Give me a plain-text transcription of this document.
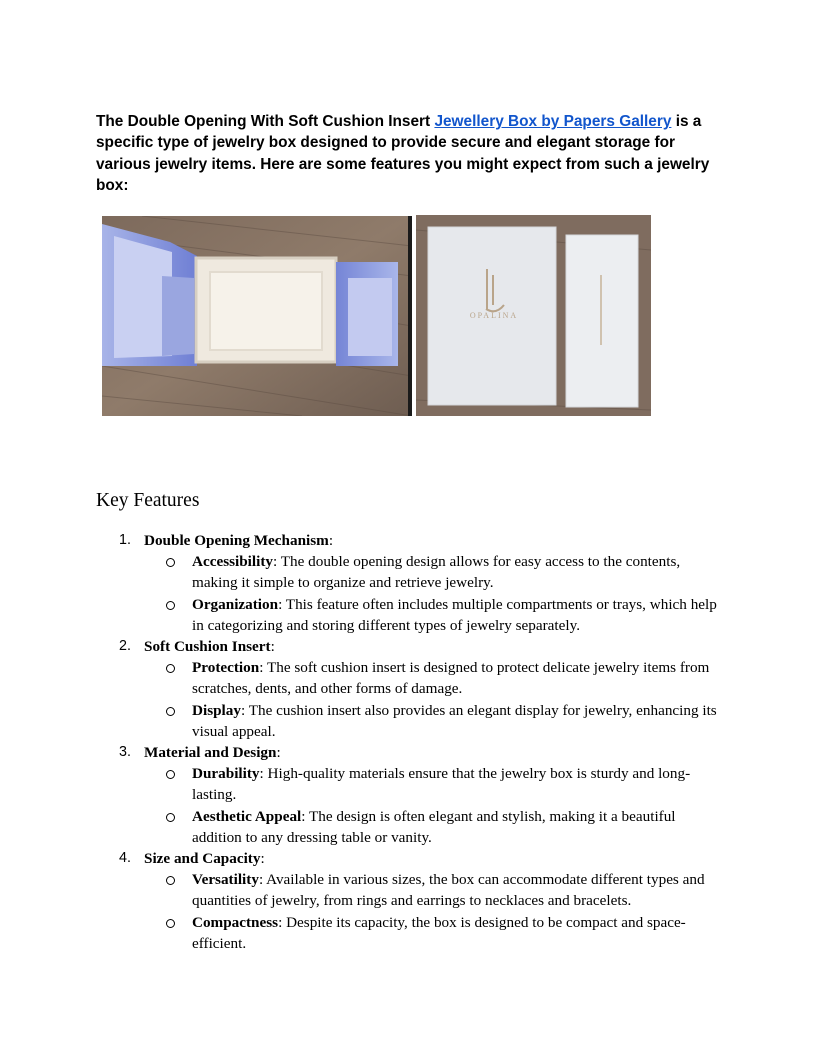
The Double Opening With Soft Cushion Insert Jewellery Box by Papers Gallery is a specific type of jewelry box designed to provide secure and elegant storage for various jewelry items. Here are some features you might expect from such a jewelry box:
OPALINA
Key Features
1. Double Opening Mechanism:
Accessibility: The double opening design allows for easy access to the contents, making it simple to organize and retrieve jewelry.
Organization: This feature often includes multiple compartments or trays, which help in categorizing and storing different types of jewelry separately.
2. Soft Cushion Insert:
Protection: The soft cushion insert is designed to protect delicate jewelry items from scratches, dents, and other forms of damage.
Display: The cushion insert also provides an elegant display for jewelry, enhancing its visual appeal.
3. Material and Design:
Durability: High-quality materials ensure that the jewelry box is sturdy and long-lasting.
Aesthetic Appeal: The design is often elegant and stylish, making it a beautiful addition to any dressing table or vanity.
4. Size and Capacity:
Versatility: Available in various sizes, the box can accommodate different types and quantities of jewelry, from rings and earrings to necklaces and bracelets.
Compactness: Despite its capacity, the box is designed to be compact and space-efficient.
